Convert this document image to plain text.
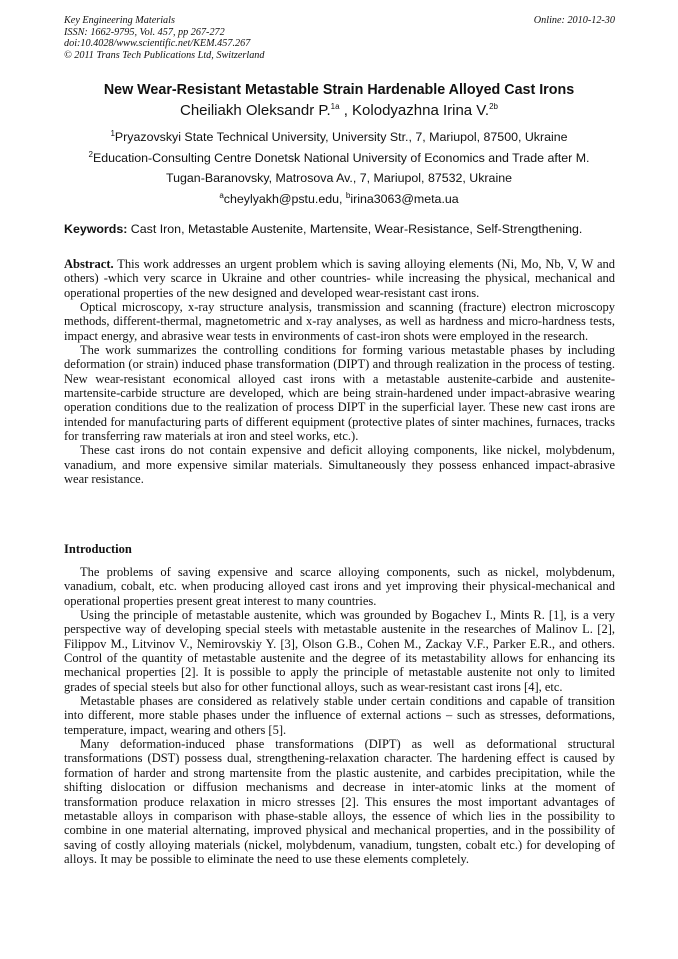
Key Engineering Materials
ISSN: 1662-9795, Vol. 457, pp 267-272
doi:10.4028/www.scientific.net/KEM.457.267
© 2011 Trans Tech Publications Ltd, Switzerland
Online: 2010-12-30
New Wear-Resistant Metastable Strain Hardenable Alloyed Cast Irons
Cheiliakh Oleksandr P.$^{1a}$ , Kolodyazhna Irina V.$^{2b}$
$^1$Pryazovskyi State Technical University, University Str., 7, Mariupol, 87500, Ukraine
$^2$Education-Consulting Centre Donetsk National University of Economics and Trade after M.
Tugan-Baranovsky, Matrosova Av., 7, Mariupol, 87532, Ukraine
$^a$cheylyakh@pstu.edu, $^b$irina3063@meta.ua
Keywords: Cast Iron, Metastable Austenite, Martensite, Wear-Resistance, Self-Strengthening.

Abstract. This work addresses an urgent problem which is saving alloying elements (Ni, Mo, Nb, V, W and others) -which very scarce in Ukraine and other countries- while increasing the physical, mechanical and operational properties of the new designed and developed wear-resistant cast irons.

Optical microscopy, x-ray structure analysis, transmission and scanning (fracture) electron microscopy methods, different-thermal, magnetometric and x-ray analyses, as well as hardness and micro-hardness tests, impact energy, and abrasive wear tests in environments of cast-iron shots were employed in the research.

The work summarizes the controlling conditions for forming various metastable phases by including deformation (or strain) induced phase transformation (DIPT) and through realization in the process of testing. New wear-resistant economical alloyed cast irons with a metastable austenite-carbide and austenite-martensite-carbide structure are developed, which are being strain-hardened under impact-abrasive wearing operation conditions due to the realization of process DIPT in the superficial layer. These new cast irons are intended for manufacturing parts of different equipment (protective plates of sinter machines, furnaces, tracks for transferring raw materials at iron and steel works, etc.).

These cast irons do not contain expensive and deficit alloying components, like nickel, molybdenum, vanadium, and more expensive similar materials. Simultaneously they possess enhanced impact-abrasive wear resistance.

Introduction

The problems of saving expensive and scarce alloying components, such as nickel, molybdenum, vanadium, cobalt, etc. when producing alloyed cast irons and yet improving their physical-mechanical and operational properties present great interest to many countries.

Using the principle of metastable austenite, which was grounded by Bogachev I., Mints R. [1], is a very perspective way of developing special steels with metastable austenite in the researches of Malinov L. [2], Filippov M., Litvinov V., Nemirovskiy Y. [3], Olson G.B., Cohen M., Zackay V.F., Parker E.R., and others. Control of the quantity of metastable austenite and the degree of its metastability allows for enhancing its mechanical properties [2]. It is possible to apply the principle of metastable austenite not only to limited grades of special steels but also for other functional alloys, such as wear-resistant cast irons [4], etc.

Metastable phases are considered as relatively stable under certain conditions and capable of transition into different, more stable phases under the influence of external actions – such as stresses, deformations, temperature, impact, wearing and others [5].

Many deformation-induced phase transformations (DIPT) as well as deformational structural transformations (DST) possess dual, strengthening-relaxation character. The hardening effect is caused by formation of harder and strong martensite from the plastic austenite, and carbides precipitation, while the shifting dislocation or diffusion mechanisms and decrease in inter-atomic links at the moment of transformation produce relaxation in micro stresses [2]. This ensures the most important advantages of metastable alloys in comparison with phase-stable alloys, the essence of which lies in the possibility to combine in one material alternating, improved physical and mechanical properties, and in the possibility of saving of costly alloying materials (nickel, molybdenum, vanadium, tungsten, cobalt etc.) for developing of alloys. It may be possible to eliminate the need to use these elements completely.
